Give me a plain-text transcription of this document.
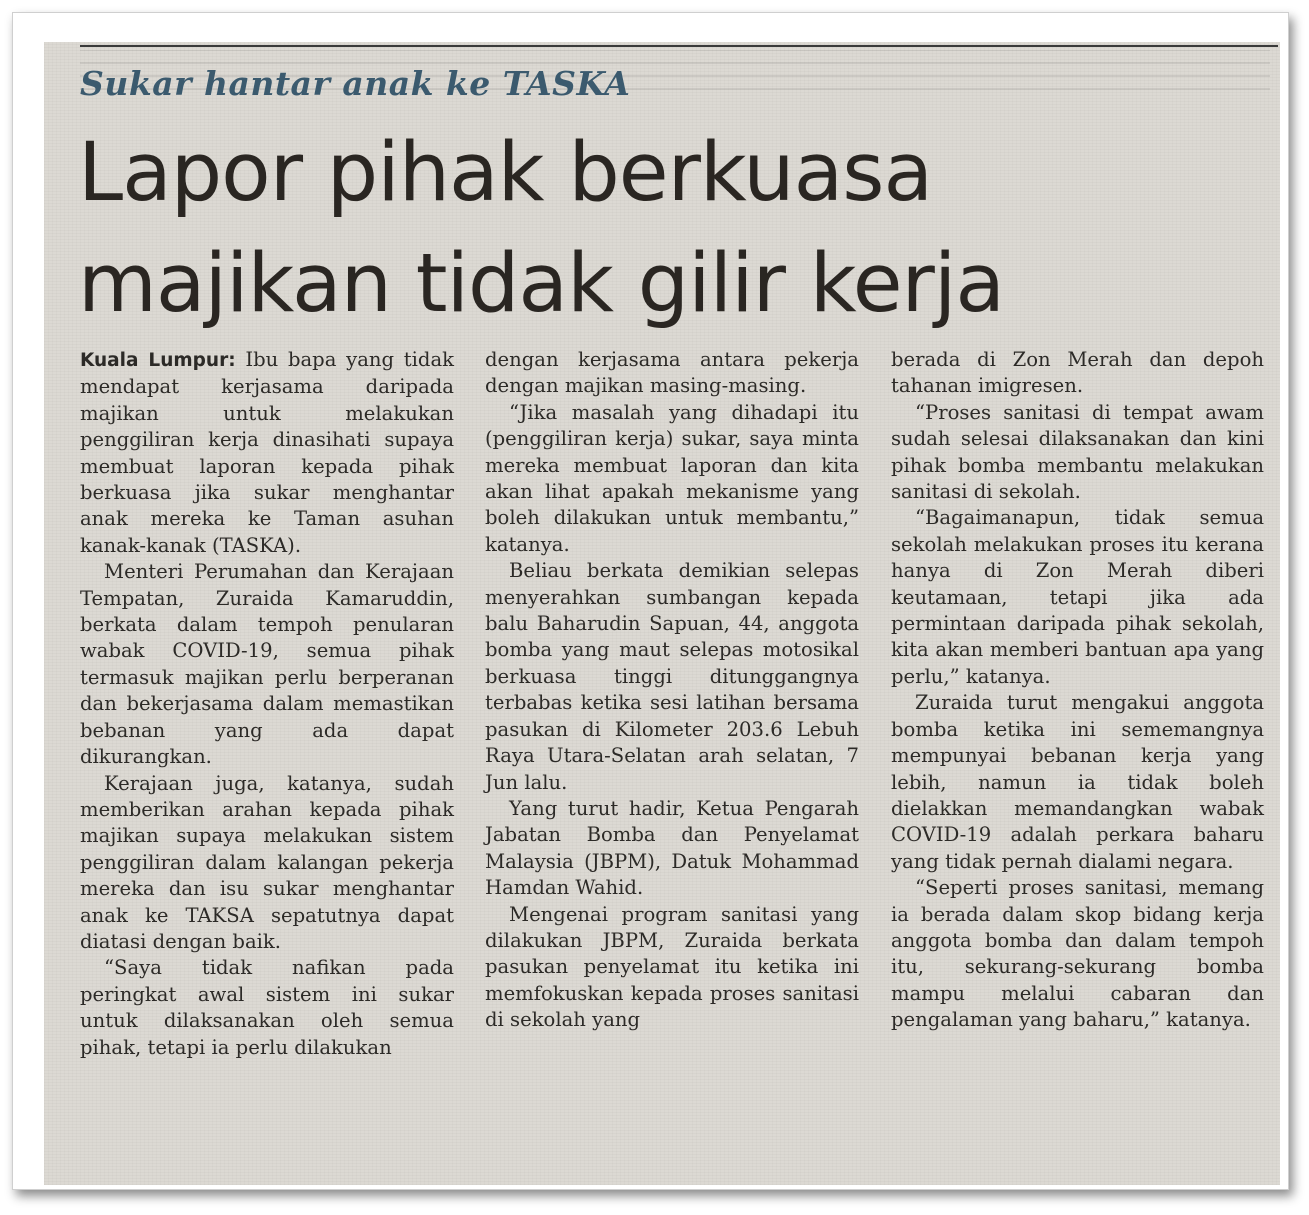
Sukar hantar anak ke TASKA
Lapor pihak berkuasa
majikan tidak gilir kerja

Kuala Lumpur: Ibu bapa yang tidak mendapat kerjasama daripada majikan untuk melakukan penggiliran kerja dinasihati supaya membuat laporan kepada pihak berkuasa jika sukar menghantar anak mereka ke Taman asuhan kanak-kanak (TASKA).

Menteri Perumahan dan Kerajaan Tempatan, Zuraida Kamaruddin, berkata dalam tempoh penularan wabak COVID-19, semua pihak termasuk majikan perlu berperanan dan bekerjasama dalam memastikan bebanan yang ada dapat dikurangkan.

Kerajaan juga, katanya, sudah memberikan arahan kepada pihak majikan supaya melakukan sistem penggiliran dalam kalangan pekerja mereka dan isu sukar menghantar anak ke TAKSA sepatutnya dapat diatasi dengan baik.

“Saya tidak nafikan pada peringkat awal sistem ini sukar untuk dilaksanakan oleh semua pihak, tetapi ia perlu dilakukan

dengan kerjasama antara pekerja dengan majikan masing-masing.

“Jika masalah yang dihadapi itu (penggiliran kerja) sukar, saya minta mereka membuat laporan dan kita akan lihat apakah mekanisme yang boleh dilakukan untuk membantu,” katanya.

Beliau berkata demikian selepas menyerahkan sumbangan kepada balu Baharudin Sapuan, 44, anggota bomba yang maut selepas motosikal berkuasa tinggi ditunggangnya terbabas ketika sesi latihan bersama pasukan di Kilometer 203.6 Lebuh Raya Utara-Selatan arah selatan, 7 Jun lalu.

Yang turut hadir, Ketua Pengarah Jabatan Bomba dan Penyelamat Malaysia (JBPM), Datuk Mohammad Hamdan Wahid.

Mengenai program sanitasi yang dilakukan JBPM, Zuraida berkata pasukan penyelamat itu ketika ini memfokuskan kepada proses sanitasi di sekolah yang

berada di Zon Merah dan depoh tahanan imigresen.

“Proses sanitasi di tempat awam sudah selesai dilaksanakan dan kini pihak bomba membantu melakukan sanitasi di sekolah.

“Bagaimanapun, tidak semua sekolah melakukan proses itu kerana hanya di Zon Merah diberi keutamaan, tetapi jika ada permintaan daripada pihak sekolah, kita akan memberi bantuan apa yang perlu,” katanya.

Zuraida turut mengakui anggota bomba ketika ini sememangnya mempunyai bebanan kerja yang lebih, namun ia tidak boleh dielakkan memandangkan wabak COVID-19 adalah perkara baharu yang tidak pernah dialami negara.

“Seperti proses sanitasi, memang ia berada dalam skop bidang kerja anggota bomba dan dalam tempoh itu, sekurang-sekurang bomba mampu melalui cabaran dan pengalaman yang baharu,” katanya.
